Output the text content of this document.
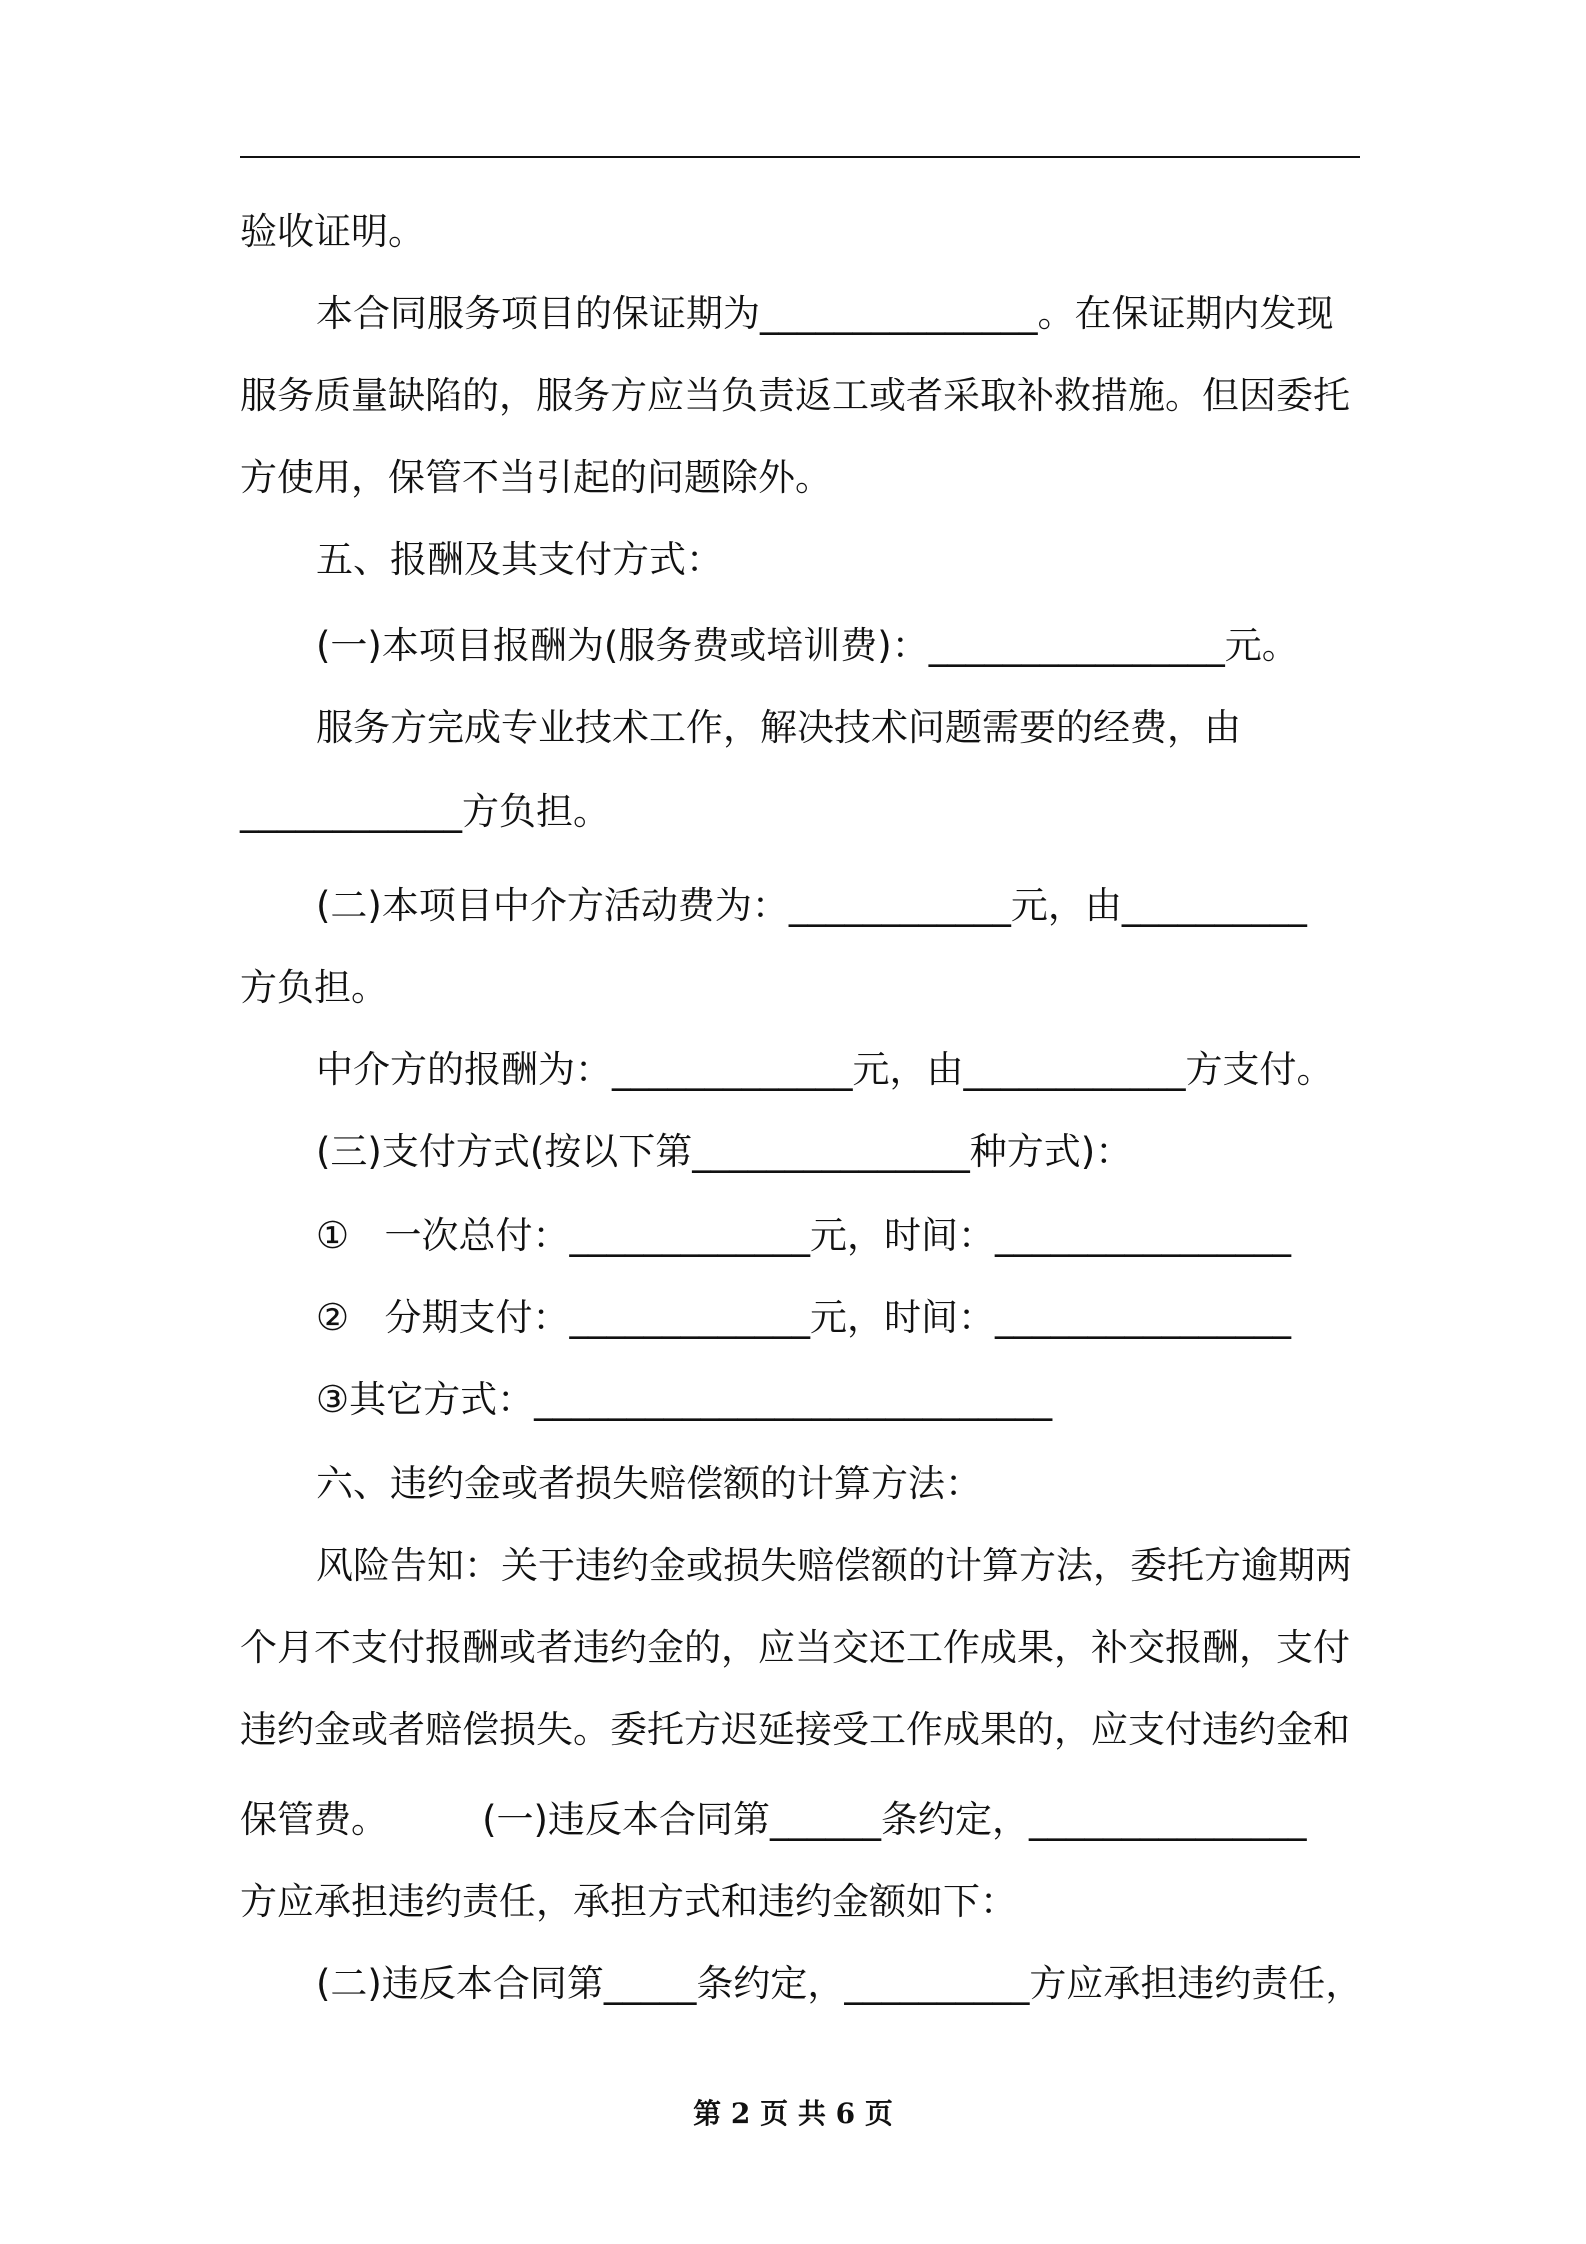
验收证明。
本合同服务项目的保证期为_______________。在保证期内发现
服务质量缺陷的，服务方应当负责返工或者采取补救措施。但因委托
方使用，保管不当引起的问题除外。
五、报酬及其支付方式：
(一)本项目报酬为(服务费或培训费)：________________元。
服务方完成专业技术工作，解决技术问题需要的经费，由
____________方负担。
(二)本项目中介方活动费为：____________元，由__________
方负担。
中介方的报酬为：_____________元，由____________方支付。
(三)支付方式(按以下第_______________种方式)：
①   一次总付：_____________元，时间：________________
②   分期支付：_____________元，时间：________________
③其它方式：____________________________
六、违约金或者损失赔偿额的计算方法：
风险告知：关于违约金或损失赔偿额的计算方法，委托方逾期两
个月不支付报酬或者违约金的，应当交还工作成果，补交报酬，支付
违约金或者赔偿损失。委托方迟延接受工作成果的，应支付违约金和
保管费。        (一)违反本合同第______条约定，_______________
方应承担违约责任，承担方式和违约金额如下：
(二)违反本合同第_____条约定，__________方应承担违约责任，
第 2 页 共 6 页
